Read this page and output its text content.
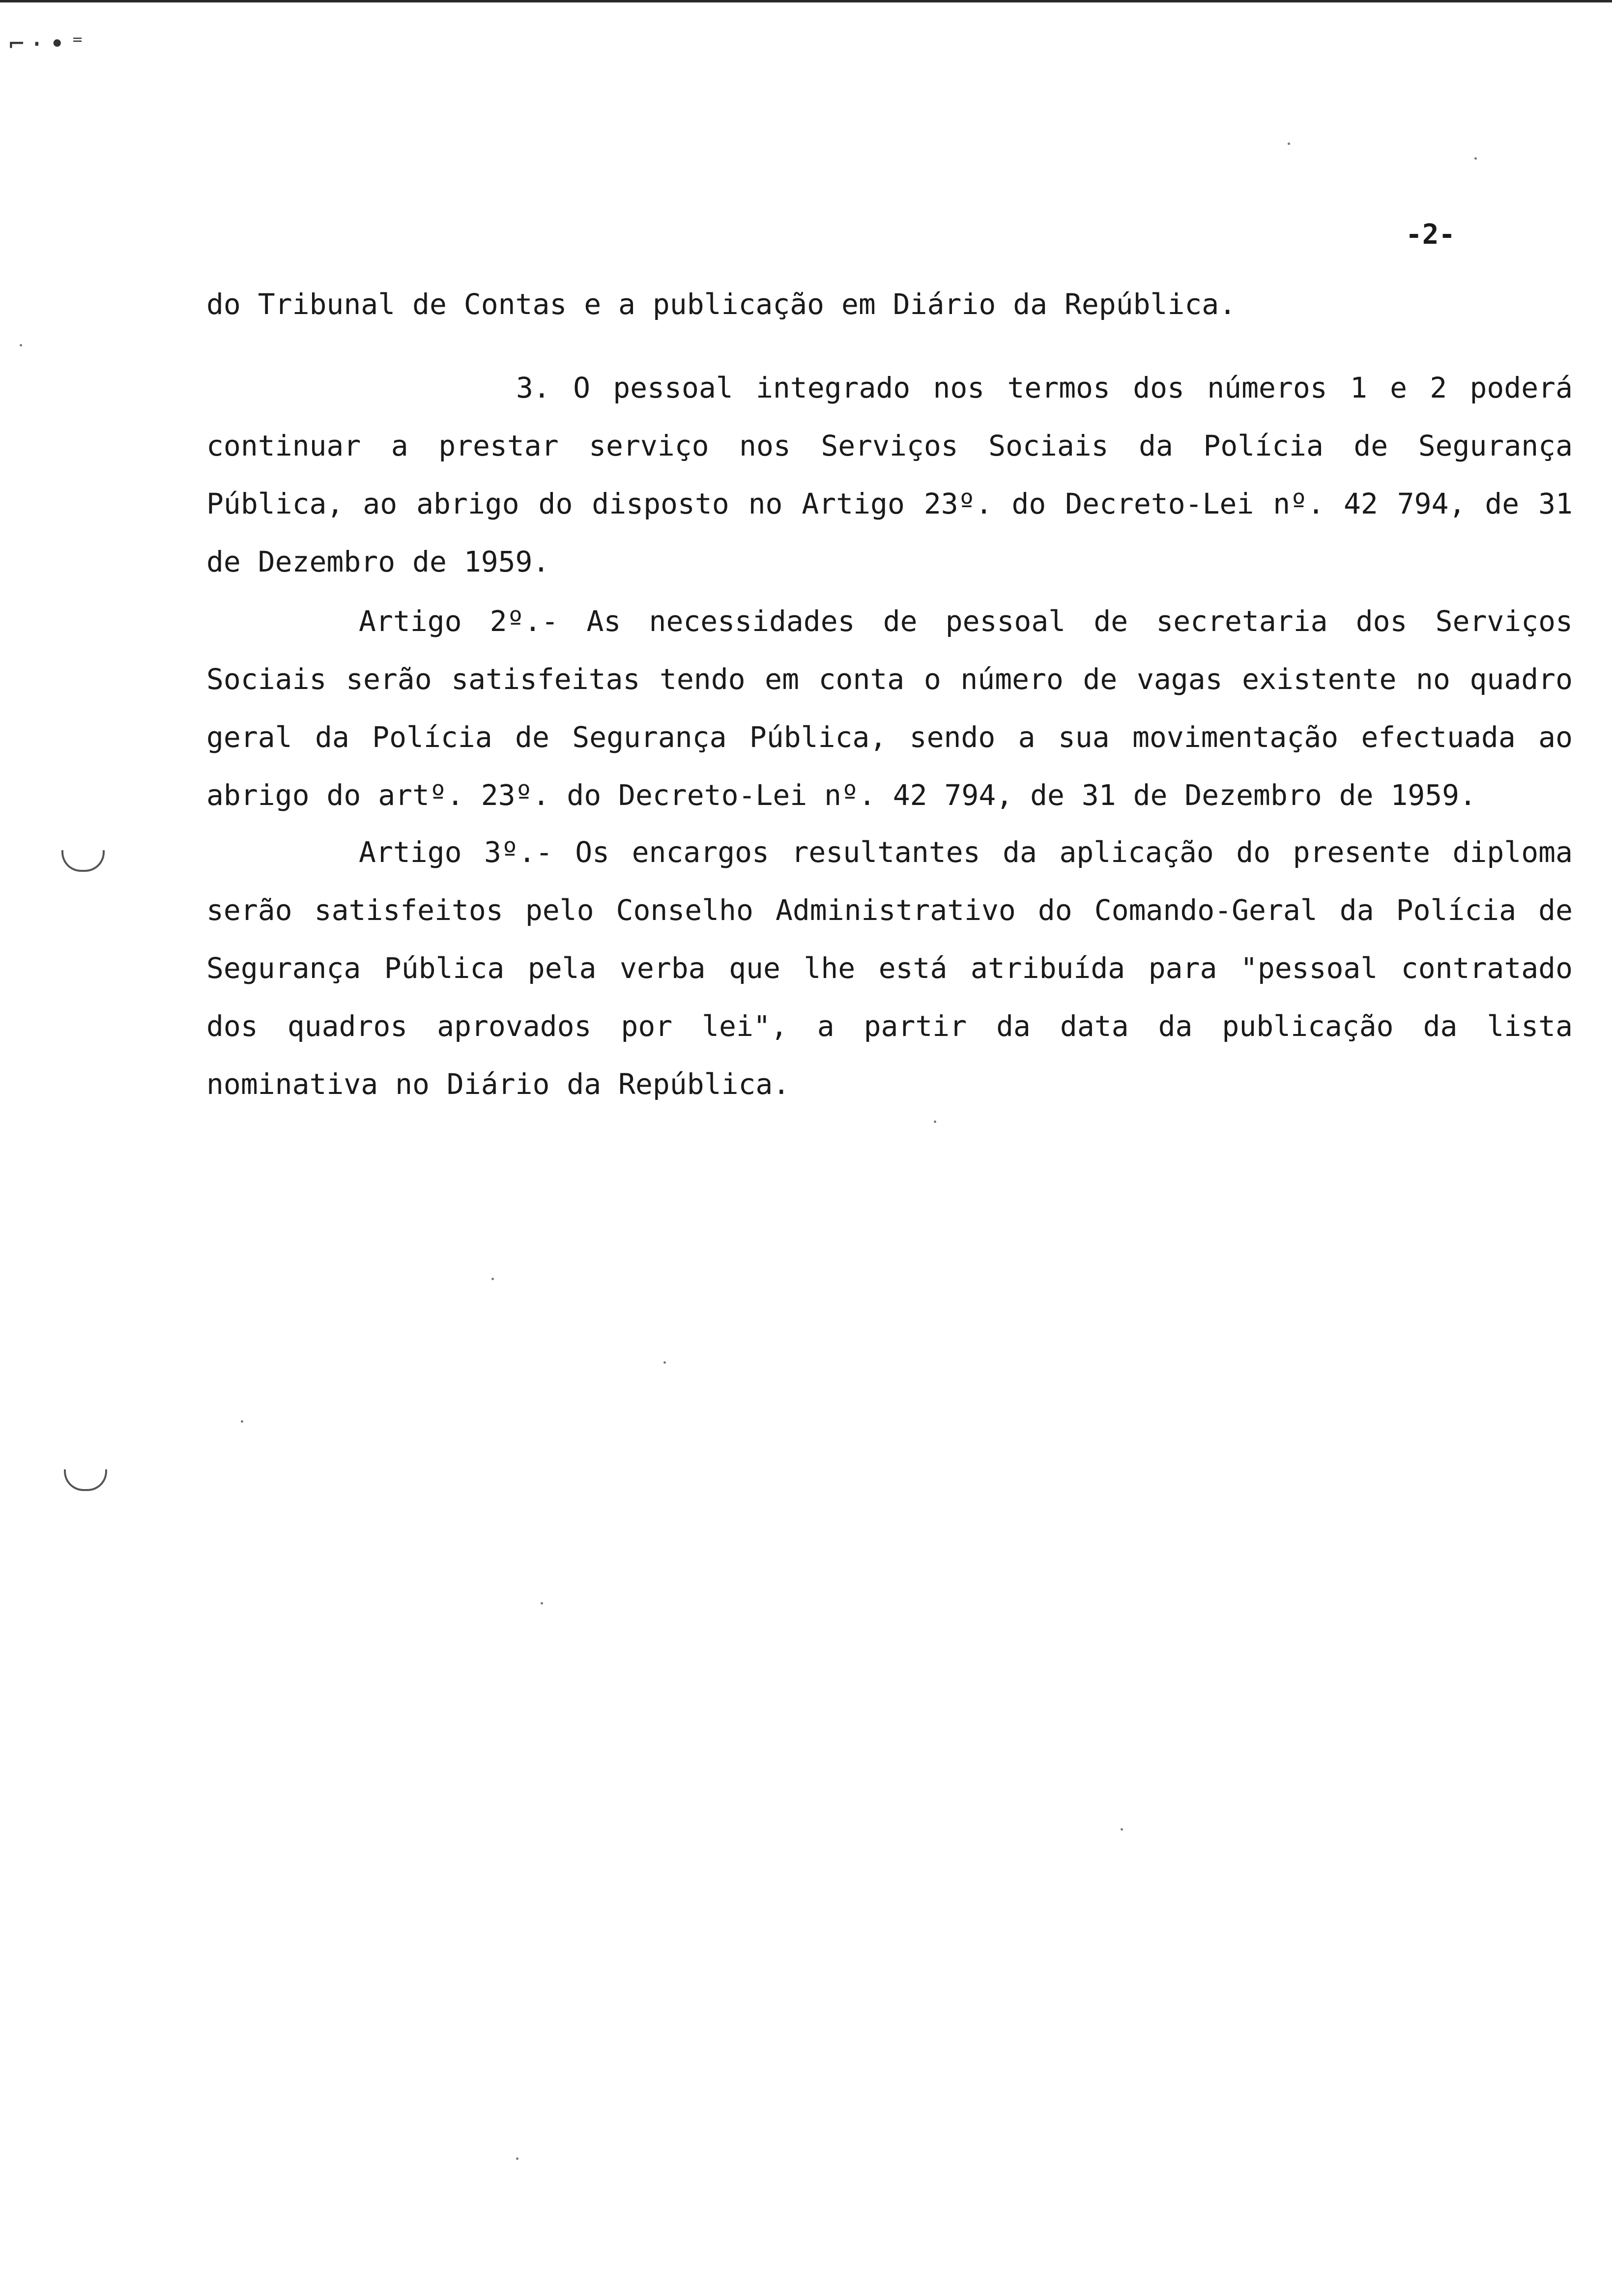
⌐·•⁼
-2-

do Tribunal de Contas e a publicação em Diário da República.

3. O pessoal integrado nos termos dos números 1 e 2 poderá continuar a prestar serviço nos Serviços Sociais da Polícia de Segurança Pública, ao abrigo do disposto no Artigo 23º. do Decreto-Lei nº. 42 794, de 31 de Dezembro de 1959.

Artigo 2º.- As necessidades de pessoal de secretaria dos Serviços Sociais serão satisfeitas tendo em conta o número de vagas existente no quadro geral da Polícia de Segurança Pública, sendo a sua movimentação efectuada ao abrigo do artº. 23º. do Decreto-Lei nº. 42 794, de 31 de Dezembro de 1959.

Artigo 3º.- Os encargos resultantes da aplicação do presente diploma serão satisfeitos pelo Conselho Administrativo do Comando-Geral da Polícia de Segurança Pública pela verba que lhe está atribuída para "pessoal contratado dos quadros aprovados por lei", a partir da data da publicação da lista nominativa no Diário da República.
